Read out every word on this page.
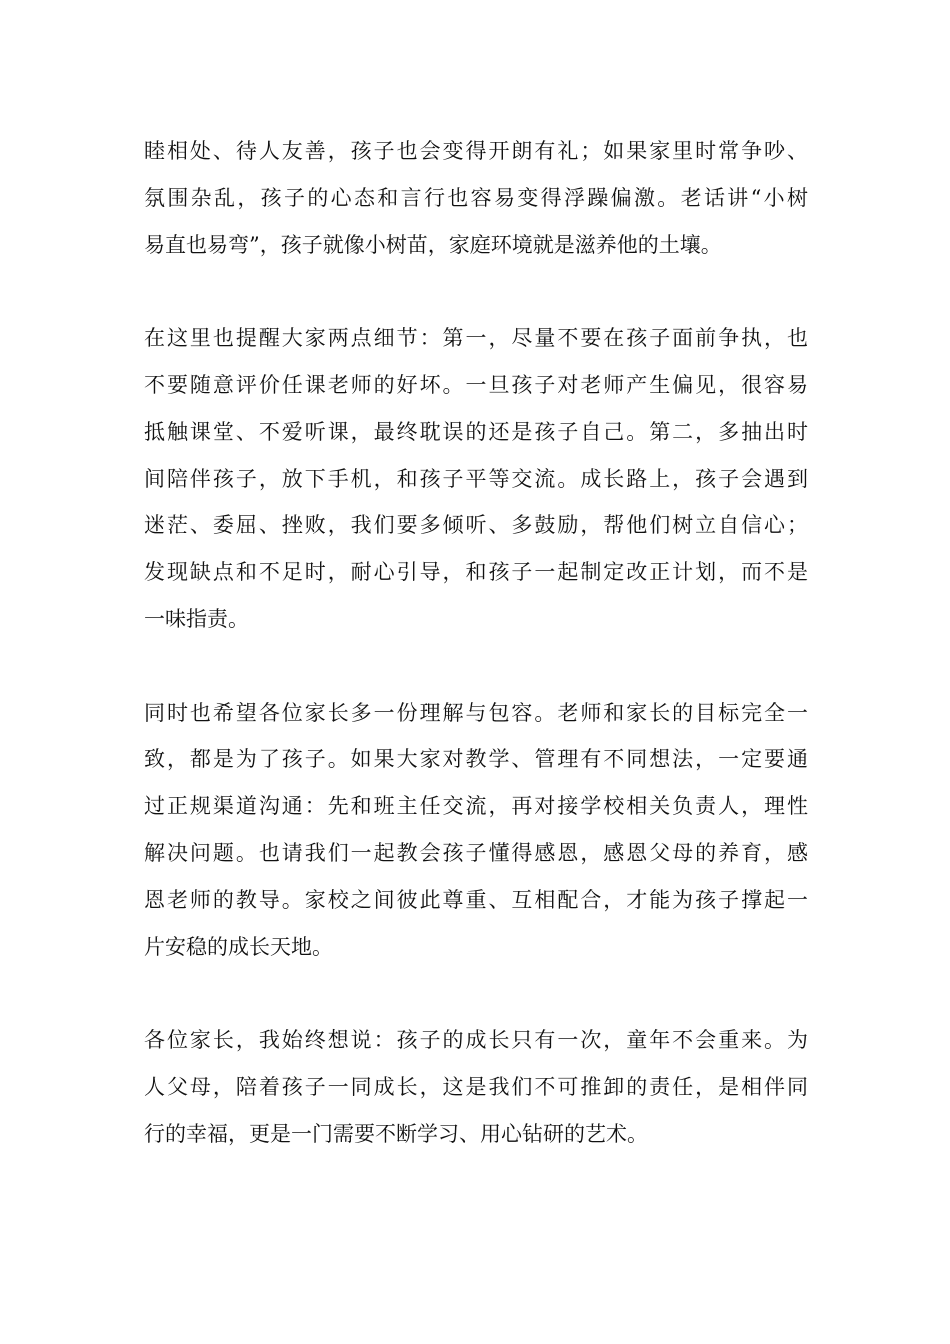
睦相处、待人友善，孩子也会变得开朗有礼；如果家里时常争吵、
氛围杂乱，孩子的心态和言行也容易变得浮躁偏激。老话讲“小树
易直也易弯”，孩子就像小树苗，家庭环境就是滋养他的土壤。
在这里也提醒大家两点细节：第一，尽量不要在孩子面前争执，也
不要随意评价任课老师的好坏。一旦孩子对老师产生偏见，很容易
抵触课堂、不爱听课，最终耽误的还是孩子自己。第二，多抽出时
间陪伴孩子，放下手机，和孩子平等交流。成长路上，孩子会遇到
迷茫、委屈、挫败，我们要多倾听、多鼓励，帮他们树立自信心；
发现缺点和不足时，耐心引导，和孩子一起制定改正计划，而不是
一味指责。
同时也希望各位家长多一份理解与包容。老师和家长的目标完全一
致，都是为了孩子。如果大家对教学、管理有不同想法，一定要通
过正规渠道沟通：先和班主任交流，再对接学校相关负责人，理性
解决问题。也请我们一起教会孩子懂得感恩，感恩父母的养育，感
恩老师的教导。家校之间彼此尊重、互相配合，才能为孩子撑起一
片安稳的成长天地。
各位家长，我始终想说：孩子的成长只有一次，童年不会重来。为
人父母，陪着孩子一同成长，这是我们不可推卸的责任，是相伴同
行的幸福，更是一门需要不断学习、用心钻研的艺术。
